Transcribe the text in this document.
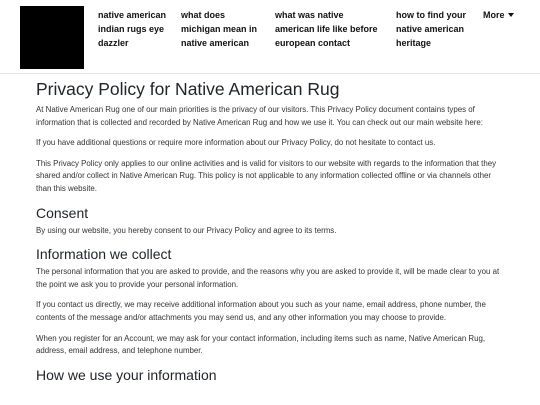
native american indian rugs eye dazzler
what does michigan mean in native american
what was native american life like before european contact
how to find your native american heritage
More
Privacy Policy for Native American Rug

At Native American Rug one of our main priorities is the privacy of our visitors. This Privacy Policy document contains types of information that is collected and recorded by Native American Rug and how we use it. You can check out our main website here:

If you have additional questions or require more information about our Privacy Policy, do not hesitate to contact us.

This Privacy Policy only applies to our online activities and is valid for visitors to our website with regards to the information that they shared and/or collect in Native American Rug. This policy is not applicable to any information collected offline or via channels other than this website.

Consent

By using our website, you hereby consent to our Privacy Policy and agree to its terms.

Information we collect

The personal information that you are asked to provide, and the reasons why you are asked to provide it, will be made clear to you at the point we ask you to provide your personal information.

If you contact us directly, we may receive additional information about you such as your name, email address, phone number, the contents of the message and/or attachments you may send us, and any other information you may choose to provide.

When you register for an Account, we may ask for your contact information, including items such as name, Native American Rug, address, email address, and telephone number.

How we use your information
